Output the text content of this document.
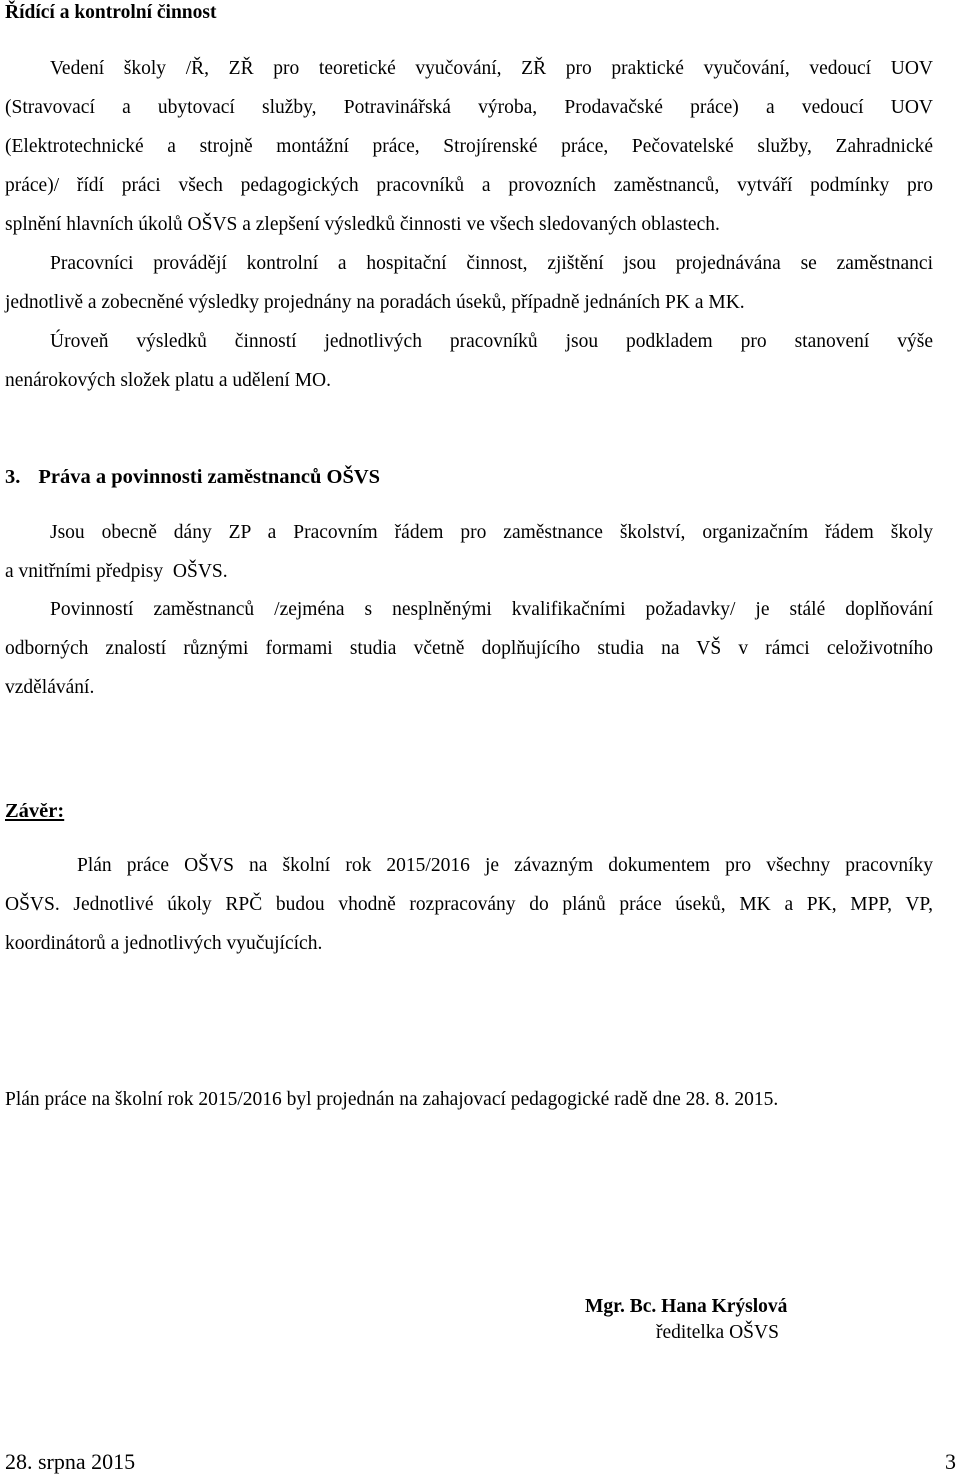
Řídící a kontrolní činnost
Vedení školy /Ř, ZŘ pro teoretické vyučování, ZŘ pro praktické vyučování, vedoucí UOV
(Stravovací a ubytovací služby, Potravinářská výroba, Prodavačské práce) a vedoucí UOV
(Elektrotechnické a strojně montážní práce, Strojírenské práce, Pečovatelské služby, Zahradnické
práce)/ řídí práci všech pedagogických pracovníků a provozních zaměstnanců, vytváří podmínky pro
splnění hlavních úkolů OŠVS a zlepšení výsledků činnosti ve všech sledovaných oblastech.
Pracovníci provádějí kontrolní a hospitační činnost, zjištění jsou projednávána se zaměstnanci
jednotlivě a zobecněné výsledky projednány na poradách úseků, případně jednáních PK a MK.
Úroveň výsledků činností jednotlivých pracovníků jsou podkladem pro stanovení výše
nenárokových složek platu a udělení MO.
3. Práva a povinnosti zaměstnanců OŠVS
Jsou obecně dány ZP a Pracovním řádem pro zaměstnance školství, organizačním řádem školy
a vnitřními předpisy  OŠVS.
Povinností zaměstnanců /zejména s nesplněnými kvalifikačními požadavky/ je stálé doplňování
odborných znalostí různými formami studia včetně doplňujícího studia na VŠ v rámci celoživotního
vzdělávání.
Závěr:
Plán práce OŠVS na školní rok 2015/2016 je závazným dokumentem pro všechny pracovníky
OŠVS. Jednotlivé úkoly RPČ budou vhodně rozpracovány do plánů práce úseků, MK a PK, MPP, VP,
koordinátorů a jednotlivých vyučujících.
Plán práce na školní rok 2015/2016 byl projednán na zahajovací pedagogické radě dne 28. 8. 2015.
Mgr. Bc. Hana Krýslová
ředitelka OŠVS
28. srpna 2015	3
